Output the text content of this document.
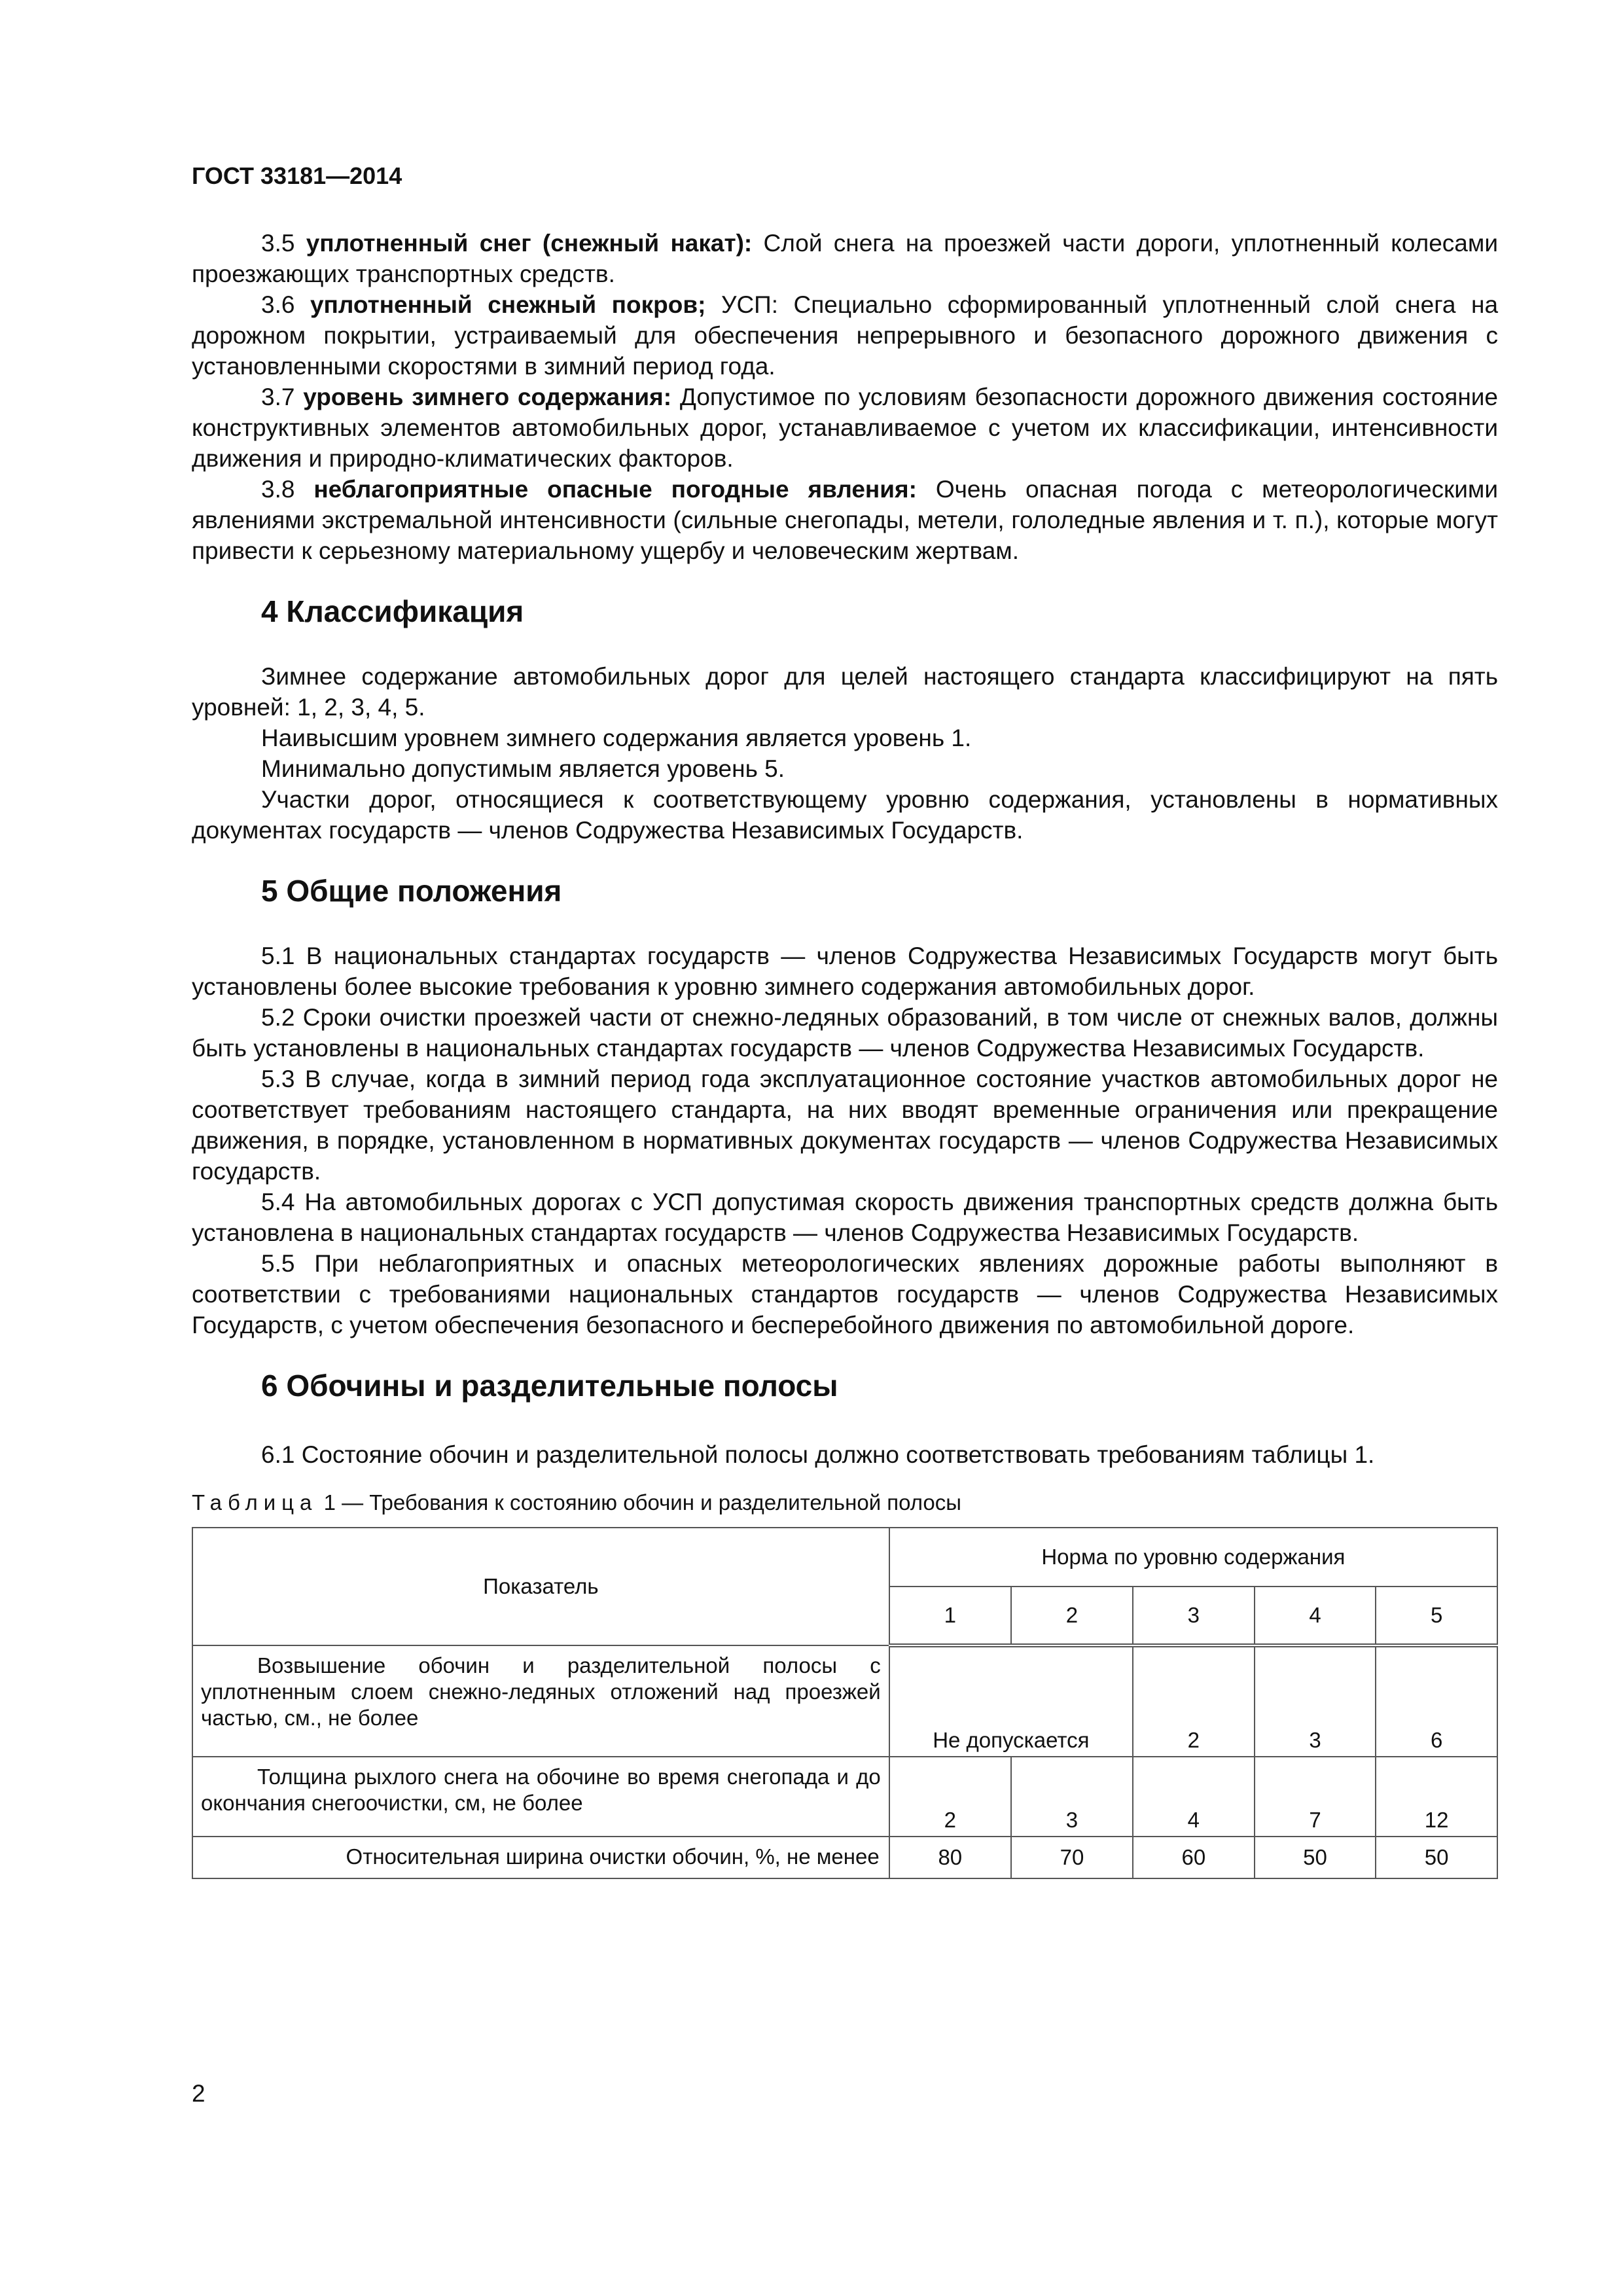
ГОСТ 33181—2014

3.5 уплотненный снег (снежный накат): Слой снега на проезжей части дороги, уплотненный колесами проезжающих транспортных средств.

3.6 уплотненный снежный покров; УСП: Специально сформированный уплотненный слой снега на дорожном покрытии, устраиваемый для обеспечения непрерывного и безопасного дорожного движения с установленными скоростями в зимний период года.

3.7 уровень зимнего содержания: Допустимое по условиям безопасности дорожного движения состояние конструктивных элементов автомобильных дорог, устанавливаемое с учетом их классификации, интенсивности движения и природно-климатических факторов.

3.8 неблагоприятные опасные погодные явления: Очень опасная погода с метеорологическими явлениями экстремальной интенсивности (сильные снегопады, метели, гололедные явления и т. п.), которые могут привести к серьезному материальному ущербу и человеческим жертвам.

4 Классификация

Зимнее содержание автомобильных дорог для целей настоящего стандарта классифицируют на пять уровней: 1, 2, 3, 4, 5.

Наивысшим уровнем зимнего содержания является уровень 1.

Минимально допустимым является уровень 5.

Участки дорог, относящиеся к соответствующему уровню содержания, установлены в нормативных документах государств — членов Содружества Независимых Государств.

5 Общие положения

5.1 В национальных стандартах государств — членов Содружества Независимых Государств могут быть установлены более высокие требования к уровню зимнего содержания автомобильных дорог.

5.2 Сроки очистки проезжей части от снежно-ледяных образований, в том числе от снежных валов, должны быть установлены в национальных стандартах государств — членов Содружества Независимых Государств.

5.3 В случае, когда в зимний период года эксплуатационное состояние участков автомобильных дорог не соответствует требованиям настоящего стандарта, на них вводят временные ограничения или прекращение движения, в порядке, установленном в нормативных документах государств — членов Содружества Независимых государств.

5.4 На автомобильных дорогах с УСП допустимая скорость движения транспортных средств должна быть установлена в национальных стандартах государств — членов Содружества Независимых Государств.

5.5 При неблагоприятных и опасных метеорологических явлениях дорожные работы выполняют в соответствии с требованиями национальных стандартов государств — членов Содружества Независимых Государств, с учетом обеспечения безопасного и бесперебойного движения по автомобильной дороге.

6 Обочины и разделительные полосы

6.1 Состояние обочин и разделительной полосы должно соответствовать требованиям таблицы 1.

Таблица 1 — Требования к состоянию обочин и разделительной полосы

Показатель	Норма по уровню содержания				
	1	2	3	4	5
Возвышение обочин и разделительной полосы с уплотненным слоем снежно-ледяных отложений над проезжей частью, см., не более	Не допускается		2	3	6
Толщина рыхлого снега на обочине во время снегопада и до окончания снегоочистки, см, не более	2	3	4	7	12
Относительная ширина очистки обочин, %, не менее	80	70	60	50	50

2
